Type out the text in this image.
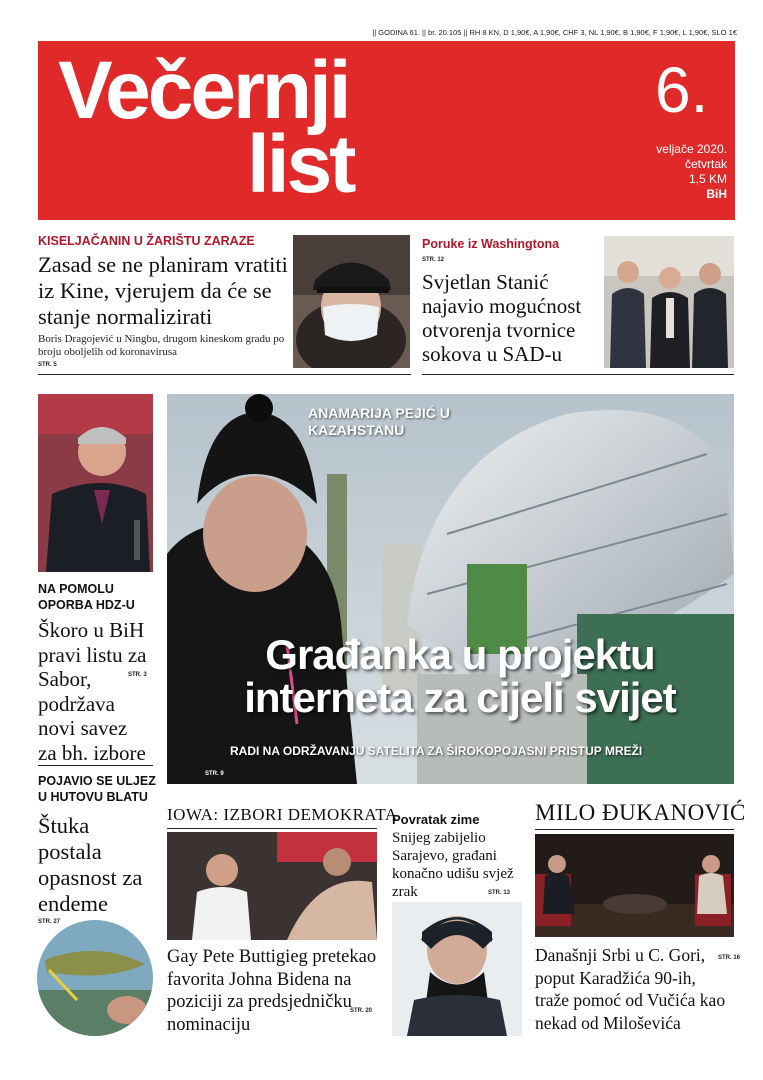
|| GODINA 61. || br. 20.105 || RH 8 KN, D 1,90€, A 1,90€, CHF 3, NL 1,90€, B 1,90€, F 1,90€, L 1,90€, SLO 1€
Večernji
list
6.
veljače 2020.
četvrtak
1,5 KM
BiH
KISELJAČANIN U ŽARIŠTU ZARAZE
Zasad se ne planiram vratiti iz Kine, vjerujem da će se stanje normalizirati
Boris Dragojević u Ningbu, drugom kineskom gradu po broju oboljelih od koronavirusa
STR. 5
Poruke iz Washingtona
STR. 12
Svjetlan Stanić najavio mogućnost otvorenja tvornice sokova u SAD-u
NA POMOLU OPORBA HDZ-U
Škoro u BiH pravi listu za Sabor, podržava novi savez za bh. izbore
STR. 3
ANAMARIJA PEJIĆ U KAZAHSTANU
Građanka u projektu interneta za cijeli svijet
RADI NA ODRŽAVANJU SATELITA ZA ŠIROKOPOJASNI PRISTUP MREŽI
STR. 9
POJAVIO SE ULJEZ U HUTOVU BLATU
Štuka postala opasnost za endeme
STR. 27
IOWA: IZBORI DEMOKRATA
Gay Pete Buttigieg pretekao favorita Johna Bidena na poziciji za predsjedničku nominaciju
STR. 20
Povratak zime
Snijeg zabijelio Sarajevo, građani konačno udišu svjež zrak	STR. 13
MILO ĐUKANOVIĆ
Današnji Srbi u C. Gori, poput Karadžića 90-ih, traže pomoć od Vučića kao nekad od Miloševića
STR. 16
